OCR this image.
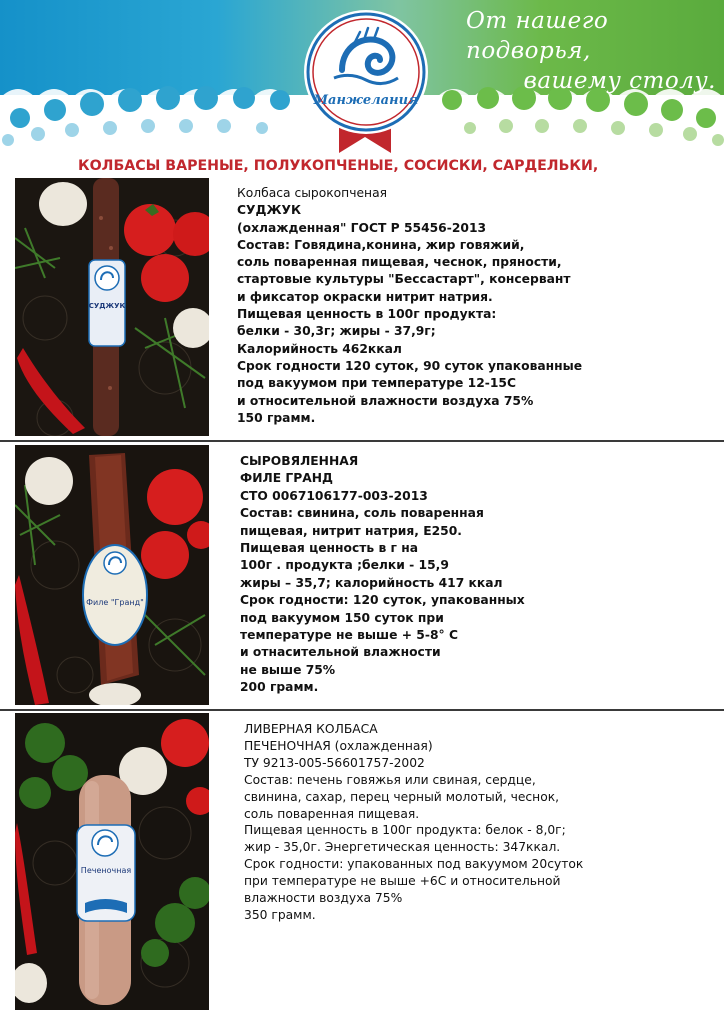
От нашего подворья,
вашему столу.
Манжелания
КОЛБАСЫ ВАРЕНЫЕ, ПОЛУКОПЧЕНЫЕ, СОСИСКИ, САРДЕЛЬКИ,
СУДЖУК
Колбаса сырокопченая
СУДЖУК
(охлажденная" ГОСТ Р 55456-2013
Состав: Говядина,конина, жир говяжий,
соль поваренная пищевая, чеснок, пряности,
стартовые культуры "Бессастарт", консервант
и фиксатор окраски нитрит натрия.
Пищевая ценность в 100г продукта:
белки - 30,3г; жиры - 37,9г;
Калорийность 462ккал
Срок годности 120 суток, 90 суток упакованные
под вакуумом при температуре 12-15С
и относительной влажности воздуха 75%
150 грамм.
Филе "Гранд"
СЫРОВЯЛЕННАЯ
ФИЛЕ ГРАНД
СТО 0067106177-003-2013
Состав: свинина, соль поваренная
пищевая, нитрит натрия, Е250.
Пищевая ценность в г на
100г . продукта ;белки - 15,9
жиры – 35,7; калорийность 417 ккал
Срок годности: 120 суток, упакованных
под вакуумом 150 суток при
температуре не выше + 5-8° С
и отнасительной влажности
не выше 75%
200 грамм.
Печеночная
ЛИВЕРНАЯ КОЛБАСА
ПЕЧЕНОЧНАЯ (охлажденная)
ТУ 9213-005-56601757-2002
Состав: печень говяжья или свиная, сердце,
свинина, сахар, перец черный молотый, чеснок,
соль поваренная пищевая.
Пищевая ценность в 100г продукта: белок - 8,0г;
жир - 35,0г. Энергетическая ценность: 347ккал.
Срок годности: упакованных под вакуумом 20суток
при температуре не выше +6С и относительной
влажности воздуха 75%
350 грамм.
